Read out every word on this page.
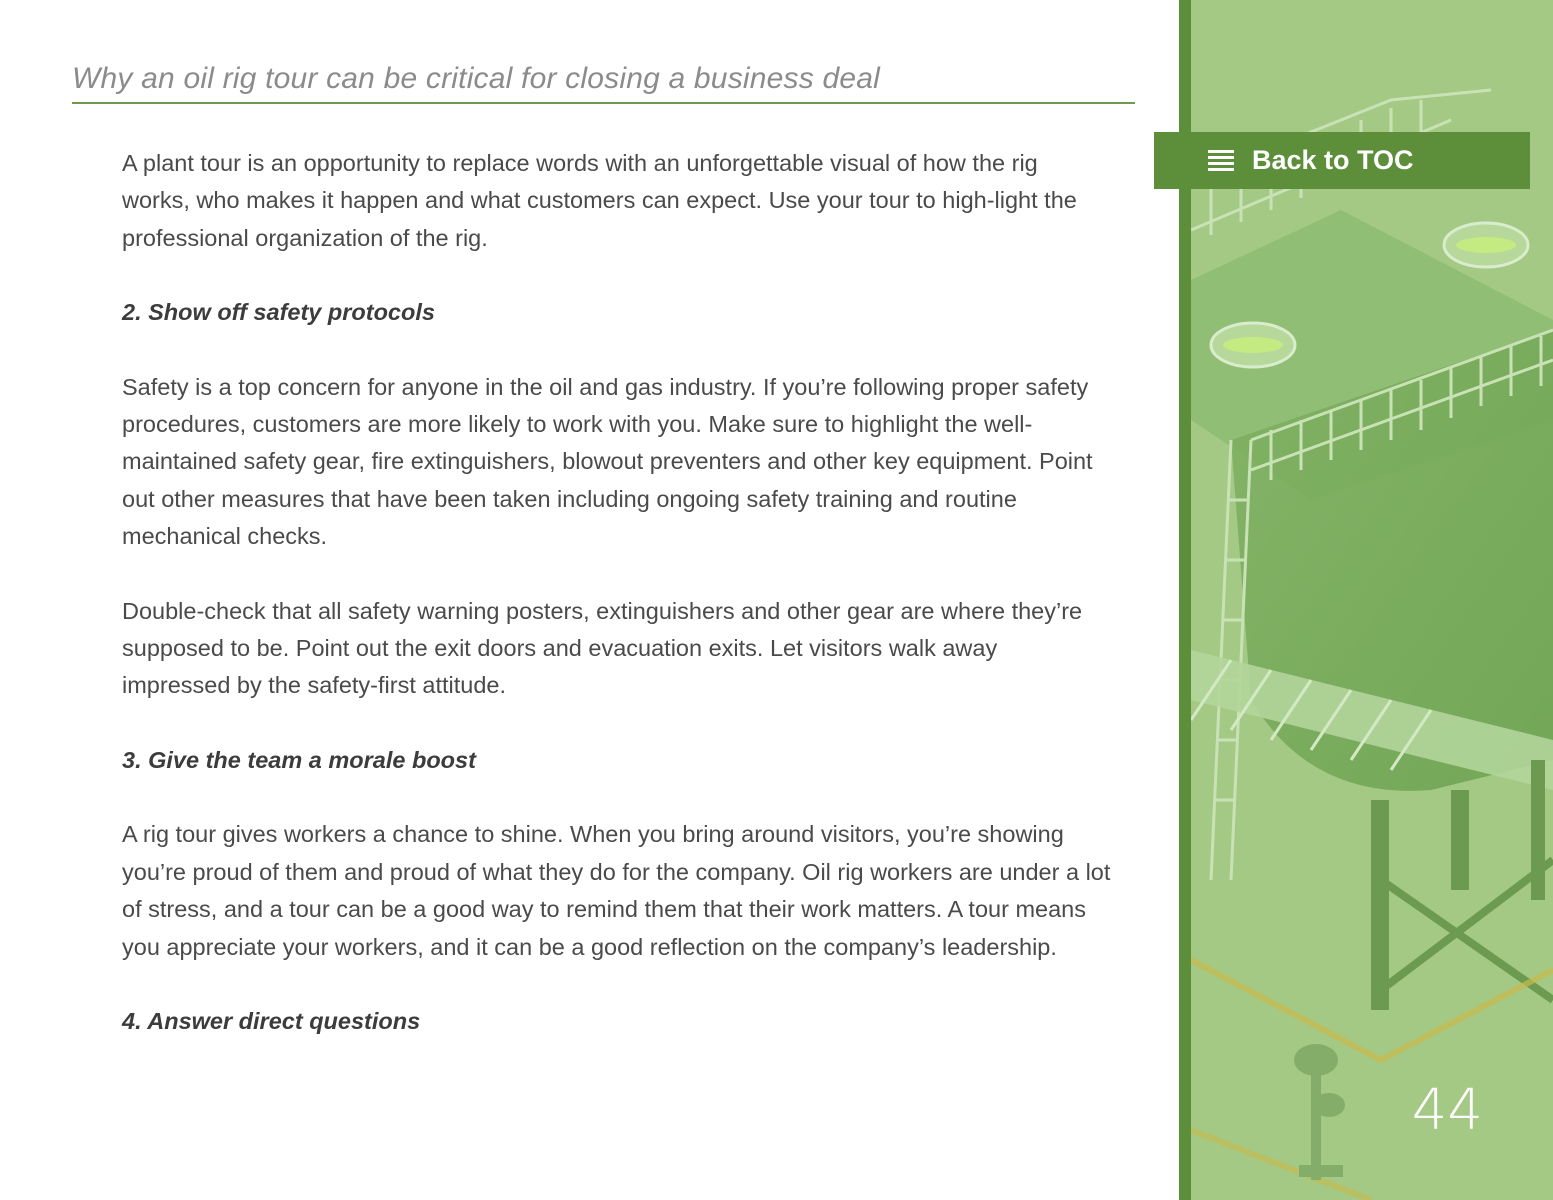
Why an oil rig tour can be critical for closing a business deal

A plant tour is an opportunity to replace words with an unforgettable visual of how the rig works, who makes it happen and what customers can expect. Use your tour to high-light the professional organization of the rig.

2. Show off safety protocols

Safety is a top concern for anyone in the oil and gas industry. If you’re following proper safety procedures, customers are more likely to work with you. Make sure to highlight the well-maintained safety gear, fire extinguishers, blowout preventers and other key equipment. Point out other measures that have been taken including ongoing safety training and routine mechanical checks.

Double-check that all safety warning posters, extinguishers and other gear are where they’re supposed to be. Point out the exit doors and evacuation exits. Let visitors walk away impressed by the safety-first attitude.

3. Give the team a morale boost

A rig tour gives workers a chance to shine. When you bring around visitors, you’re showing you’re proud of them and proud of what they do for the company. Oil rig workers are under a lot of stress, and a tour can be a good way to remind them that their work matters. A tour means you appreciate your workers, and it can be a good reflection on the company’s leadership.

4. Answer direct questions
Back to TOC
44
